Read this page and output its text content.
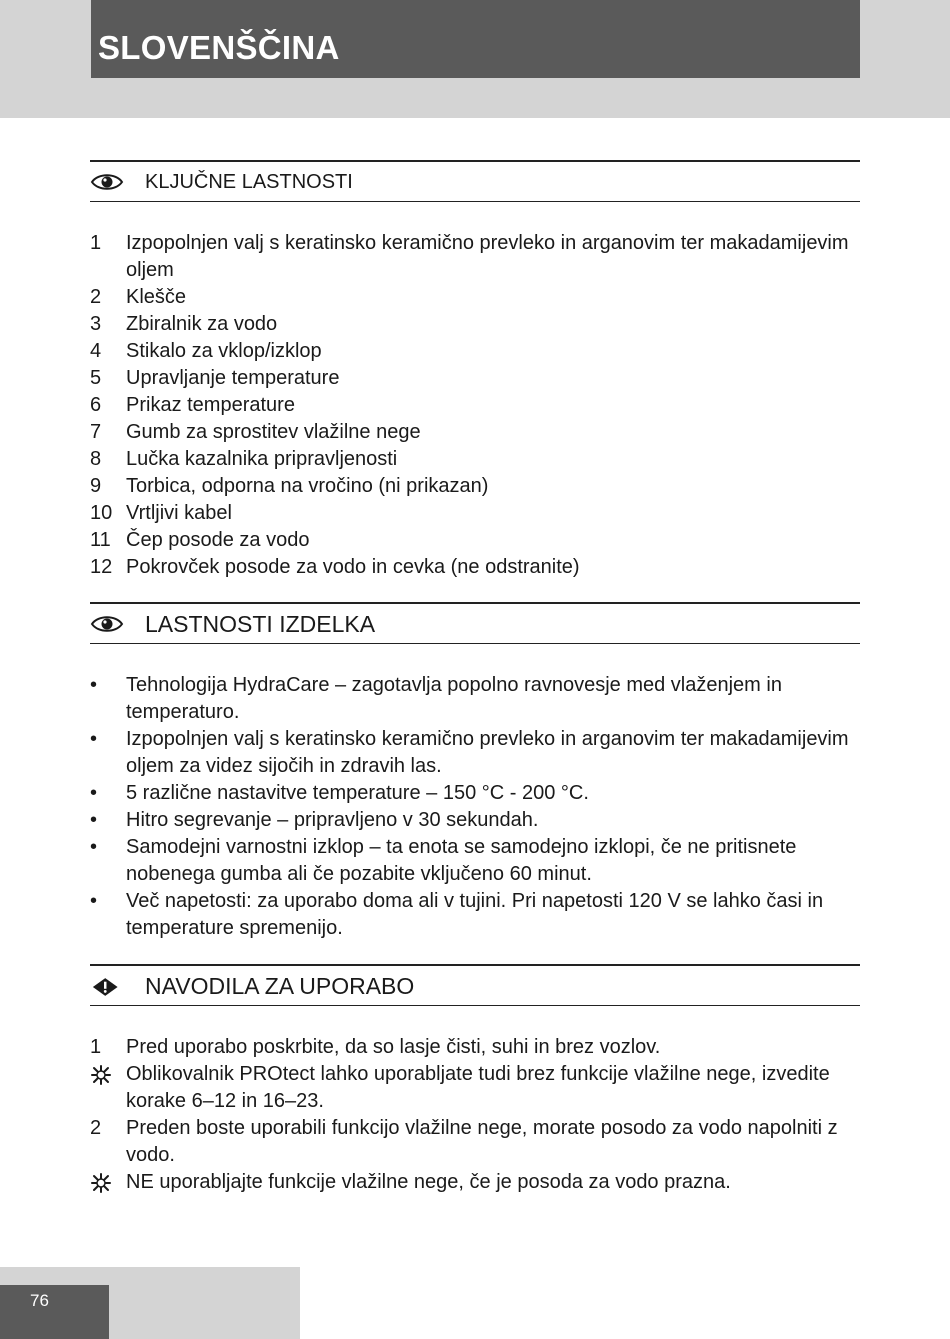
SLOVENŠČINA
KLJUČNE LASTNOSTI
1	Izpopolnjen valj s keratinsko keramično prevleko in arganovim ter makadamijevim oljem
2	Klešče
3	Zbiralnik za vodo
4	Stikalo za vklop/izklop
5	Upravljanje temperature
6	Prikaz temperature
7	Gumb za sprostitev vlažilne nege
8	Lučka kazalnika pripravljenosti
9	Torbica, odporna na vročino (ni prikazan)
10 Vrtljivi kabel
11 Čep posode za vodo
12 Pokrovček posode za vodo in cevka (ne odstranite)
LASTNOSTI IZDELKA
•	Tehnologija HydraCare – zagotavlja popolno ravnovesje med vlaženjem in temperaturo.
•	Izpopolnjen valj s keratinsko keramično prevleko in arganovim ter makadamijevim oljem za videz sijočih in zdravih las.
•	5 različne nastavitve temperature – 150 °C - 200 °C.
•	Hitro segrevanje – pripravljeno v 30 sekundah.
•	Samodejni varnostni izklop – ta enota se samodejno izklopi, če ne pritisnete nobenega gumba ali če pozabite vključeno 60 minut.
•	Več napetosti: za uporabo doma ali v tujini. Pri napetosti 120 V se lahko časi in temperature spremenijo.
NAVODILA ZA UPORABO
1	Pred uporabo poskrbite, da so lasje čisti, suhi in brez vozlov.
Oblikovalnik PROtect lahko uporabljate tudi brez funkcije vlažilne nege, izvedite korake 6–12 in 16–23.
2	Preden boste uporabili funkcijo vlažilne nege, morate posodo za vodo napolniti z vodo.
NE uporabljajte funkcije vlažilne nege, če je posoda za vodo prazna.
76
